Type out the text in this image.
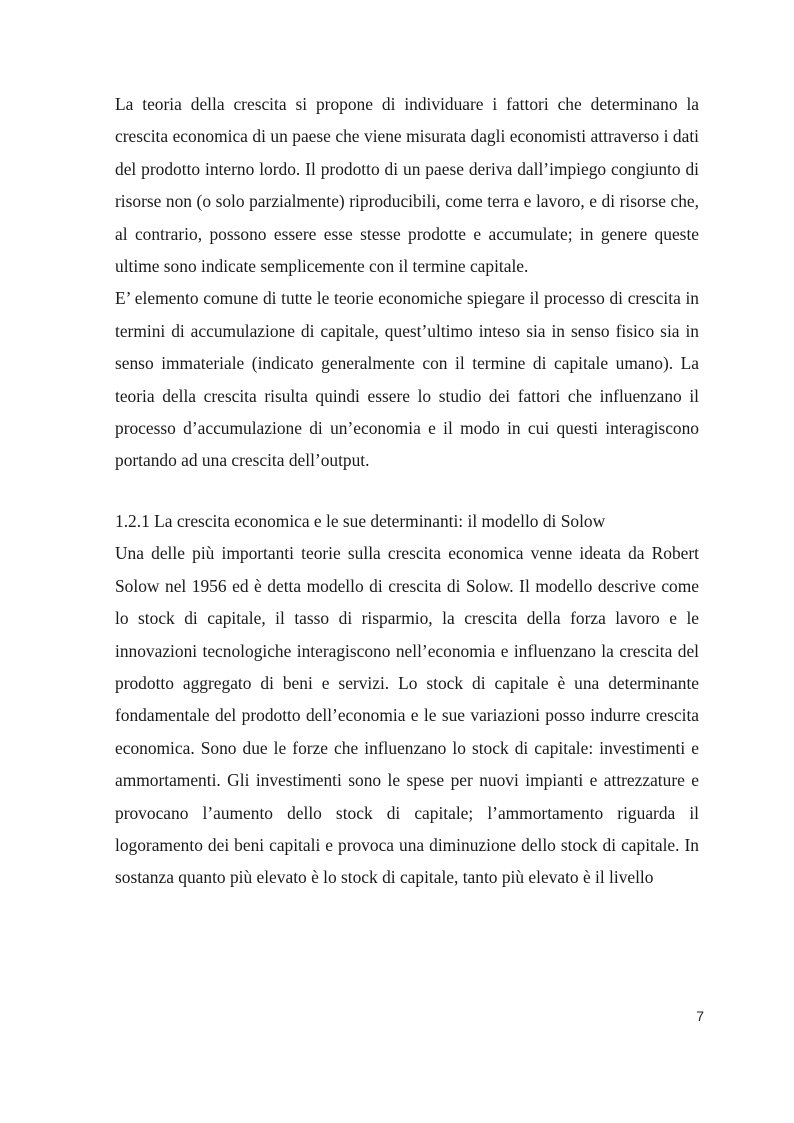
La teoria della crescita si propone di individuare i fattori che determinano la crescita economica di un paese che viene misurata dagli economisti attraverso i dati del prodotto interno lordo. Il prodotto di un paese deriva dall’impiego congiunto di risorse non (o solo parzialmente) riproducibili, come terra e lavoro, e di risorse che, al contrario, possono essere esse stesse prodotte e accumulate; in genere queste ultime sono indicate semplicemente con il termine capitale.

E’ elemento comune di tutte le teorie economiche spiegare il processo di crescita in termini di accumulazione di capitale, quest’ultimo inteso sia in senso fisico sia in senso immateriale (indicato generalmente con il termine di capitale umano). La teoria della crescita risulta quindi essere lo studio dei fattori che influenzano il processo d’accumulazione di un’economia e il modo in cui questi interagiscono portando ad una crescita dell’output.

1.2.1 La crescita economica e le sue determinanti: il modello di Solow

Una delle più importanti teorie sulla crescita economica venne ideata da Robert Solow nel 1956 ed è detta modello di crescita di Solow. Il modello descrive come lo stock di capitale, il tasso di risparmio, la crescita della forza lavoro e le innovazioni tecnologiche interagiscono nell’economia e influenzano la crescita del prodotto aggregato di beni e servizi. Lo stock di capitale è una determinante fondamentale del prodotto dell’economia e le sue variazioni posso indurre crescita economica. Sono due le forze che influenzano lo stock di capitale: investimenti e ammortamenti. Gli investimenti sono le spese per nuovi impianti e attrezzature e provocano l’aumento dello stock di capitale; l’ammortamento riguarda il logoramento dei beni capitali e provoca una diminuzione dello stock di capitale. In sostanza quanto più elevato è lo stock di capitale, tanto più elevato è il livello

7
